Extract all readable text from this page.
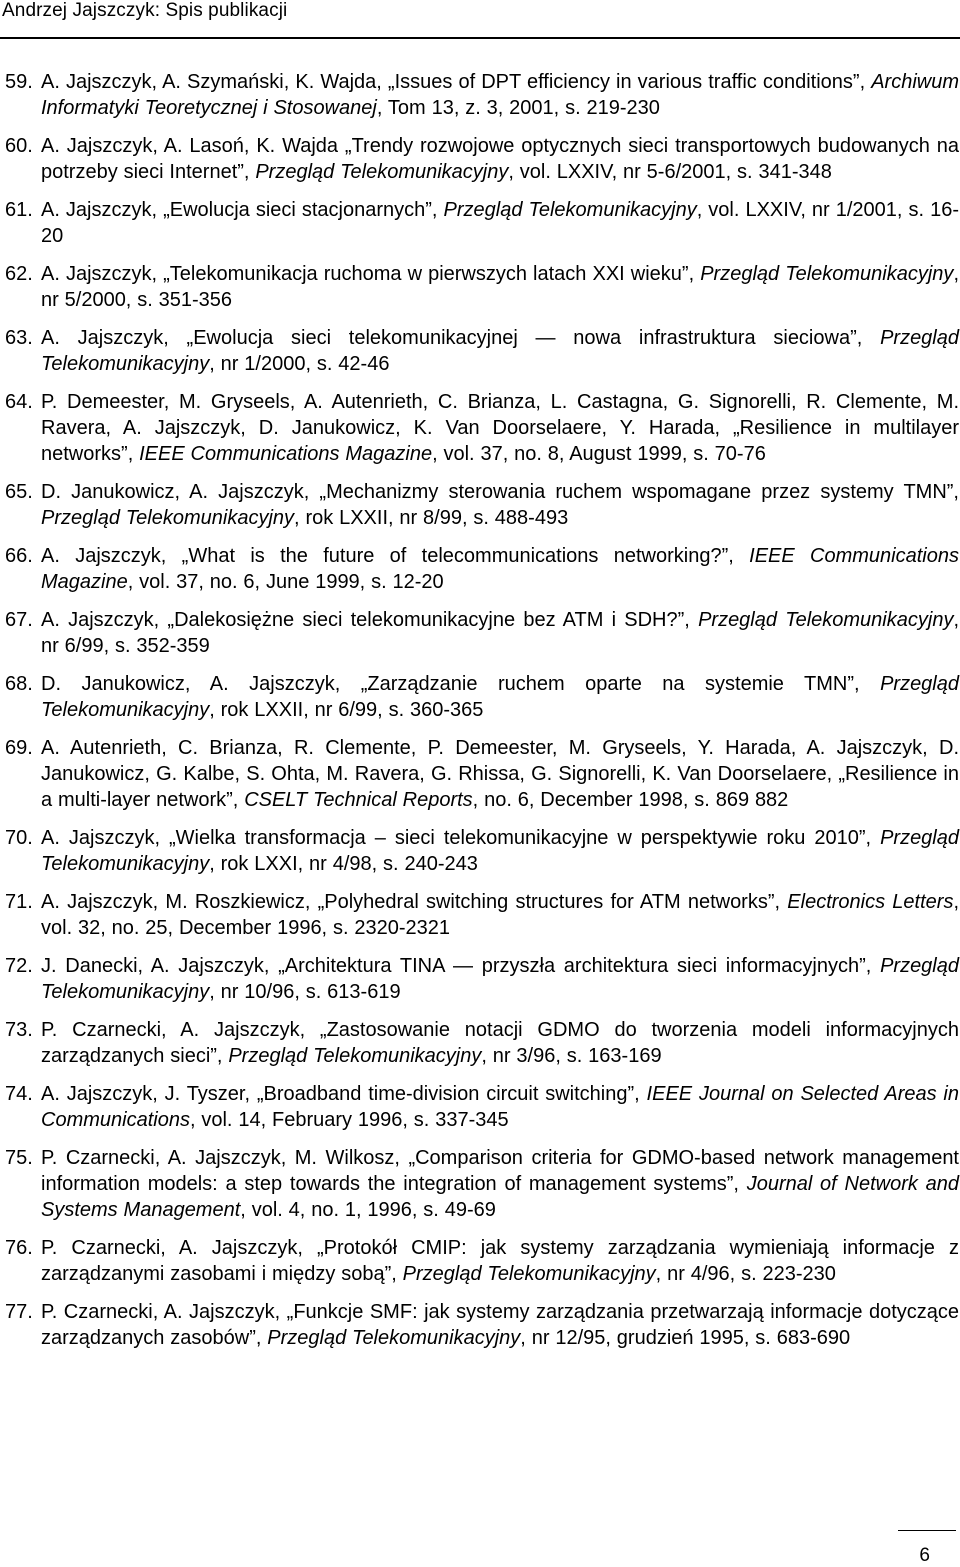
Andrzej Jajszczyk: Spis publikacji
59. A. Jajszczyk, A. Szymański, K. Wajda, „Issues of DPT efficiency in various traffic conditions”, Archiwum Informatyki Teoretycznej i Stosowanej, Tom 13, z. 3, 2001, s. 219-230
60. A. Jajszczyk, A. Lasoń, K. Wajda „Trendy rozwojowe optycznych sieci transportowych budowanych na potrzeby sieci Internet”, Przegląd Telekomunikacyjny, vol. LXXIV, nr 5-6/2001, s. 341-348
61. A. Jajszczyk, „Ewolucja sieci stacjonarnych”, Przegląd Telekomunikacyjny, vol. LXXIV, nr 1/2001, s. 16-20
62. A. Jajszczyk, „Telekomunikacja ruchoma w pierwszych latach XXI wieku”, Przegląd Telekomunikacyjny, nr 5/2000, s. 351-356
63. A. Jajszczyk, „Ewolucja sieci telekomunikacyjnej — nowa infrastruktura sieciowa”, Przegląd Telekomunikacyjny, nr 1/2000, s. 42-46
64. P. Demeester, M. Gryseels, A. Autenrieth, C. Brianza, L. Castagna, G. Signorelli, R. Clemente, M. Ravera, A. Jajszczyk, D. Janukowicz, K. Van Doorselaere, Y. Harada, „Resilience in multilayer networks”, IEEE Communications Magazine, vol. 37, no. 8, August 1999, s. 70-76
65. D. Janukowicz, A. Jajszczyk, „Mechanizmy sterowania ruchem wspomagane przez systemy TMN”, Przegląd Telekomunikacyjny, rok LXXII, nr 8/99, s. 488-493
66. A. Jajszczyk, „What is the future of telecommunications networking?”, IEEE Communications Magazine, vol. 37, no. 6, June 1999, s. 12-20
67. A. Jajszczyk, „Dalekosiężne sieci telekomunikacyjne bez ATM i SDH?”, Przegląd Telekomunikacyjny, nr 6/99, s. 352-359
68. D. Janukowicz, A. Jajszczyk, „Zarządzanie ruchem oparte na systemie TMN”, Przegląd Telekomunikacyjny, rok LXXII, nr 6/99, s. 360-365
69. A. Autenrieth, C. Brianza, R. Clemente, P. Demeester, M. Gryseels, Y. Harada, A. Jajszczyk, D. Janukowicz, G. Kalbe, S. Ohta, M. Ravera, G. Rhissa, G. Signorelli, K. Van Doorselaere, „Resilience in a multi-layer network”, CSELT Technical Reports, no. 6, December 1998, s. 869 882
70. A. Jajszczyk, „Wielka transformacja – sieci telekomunikacyjne w perspektywie roku 2010”, Przegląd Telekomunikacyjny, rok LXXI, nr 4/98, s. 240-243
71. A. Jajszczyk, M. Roszkiewicz, „Polyhedral switching structures for ATM networks”, Electronics Letters, vol. 32, no. 25, December 1996, s. 2320-2321
72. J. Danecki, A. Jajszczyk, „Architektura TINA — przyszła architektura sieci informacyjnych”, Przegląd Telekomunikacyjny, nr 10/96, s. 613-619
73. P. Czarnecki, A. Jajszczyk, „Zastosowanie notacji GDMO do tworzenia modeli informacyjnych zarządzanych sieci”, Przegląd Telekomunikacyjny, nr 3/96, s. 163-169
74. A. Jajszczyk, J. Tyszer, „Broadband time-division circuit switching”, IEEE Journal on Selected Areas in Communications, vol. 14, February 1996, s. 337-345
75. P. Czarnecki, A. Jajszczyk, M. Wilkosz, „Comparison criteria for GDMO-based network management information models: a step towards the integration of management systems”, Journal of Network and Systems Management, vol. 4, no. 1, 1996, s. 49-69
76. P. Czarnecki, A. Jajszczyk, „Protokół CMIP: jak systemy zarządzania wymieniają informacje z zarządzanymi zasobami i między sobą”, Przegląd Telekomunikacyjny, nr 4/96, s. 223-230
77. P. Czarnecki, A. Jajszczyk, „Funkcje SMF: jak systemy zarządzania przetwarzają informacje dotyczące zarządzanych zasobów”, Przegląd Telekomunikacyjny, nr 12/95, grudzień 1995, s. 683-690
6
